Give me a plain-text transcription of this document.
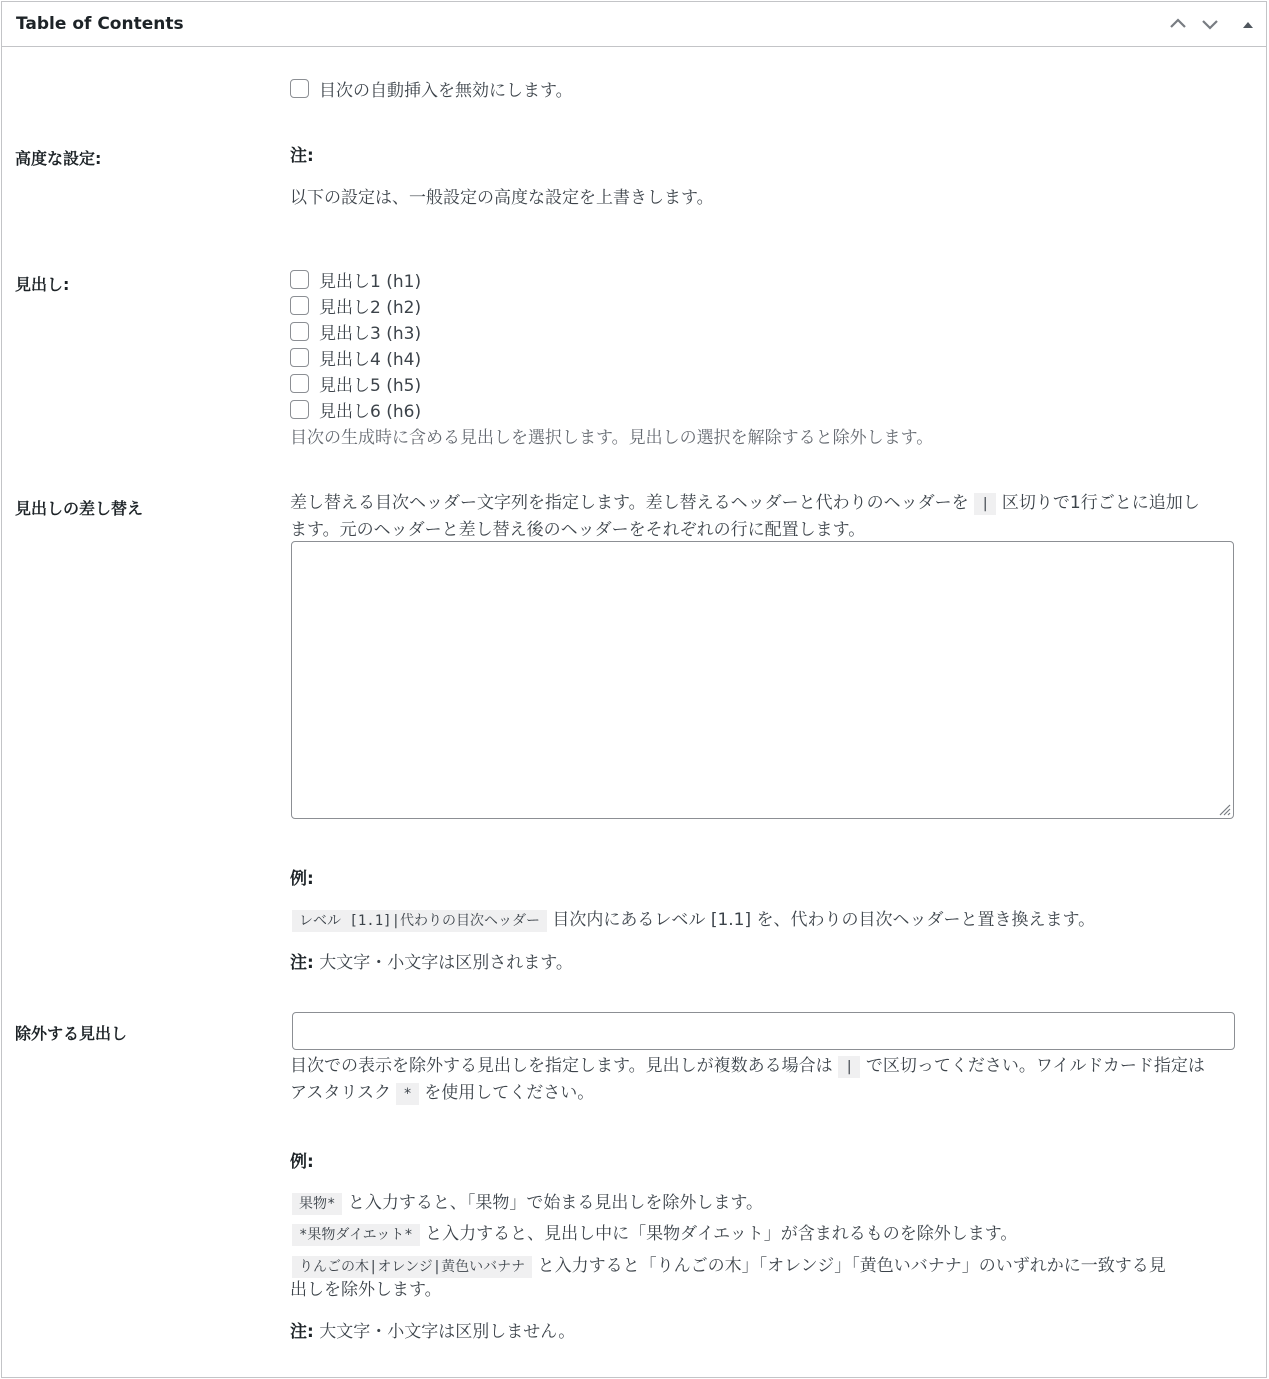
Table of Contents
目次の自動挿入を無効にします。
高度な設定:	注:
以下の設定は、一般設定の高度な設定を上書きします。
見出し:	見出し1 (h1)
見出し2 (h2)
見出し3 (h3)
見出し4 (h4)
見出し5 (h5)
見出し6 (h6)
目次の生成時に含める見出しを選択します。見出しの選択を解除すると除外します。
見出しの差し替え	差し替える目次ヘッダー文字列を指定します。差し替えるヘッダーと代わりのヘッダーを | 区切りで1行ごとに追加し
ます。元のヘッダーと差し替え後のヘッダーをそれぞれの行に配置します。
例:
レベル [1.1]|代わりの目次ヘッダー 目次内にあるレベル [1.1] を、代わりの目次ヘッダーと置き換えます。
注: 大文字・小文字は区別されます。
除外する見出し
目次での表示を除外する見出しを指定します。見出しが複数ある場合は | で区切ってください。ワイルドカード指定は
アスタリスク * を使用してください。
例:
果物* と入力すると、「果物」で始まる見出しを除外します。
*果物ダイエット* と入力すると、見出し中に「果物ダイエット」が含まれるものを除外します。
りんごの木|オレンジ|黄色いバナナ と入力すると「りんごの木」「オレンジ」「黄色いバナナ」のいずれかに一致する見
出しを除外します。
注: 大文字・小文字は区別しません。
